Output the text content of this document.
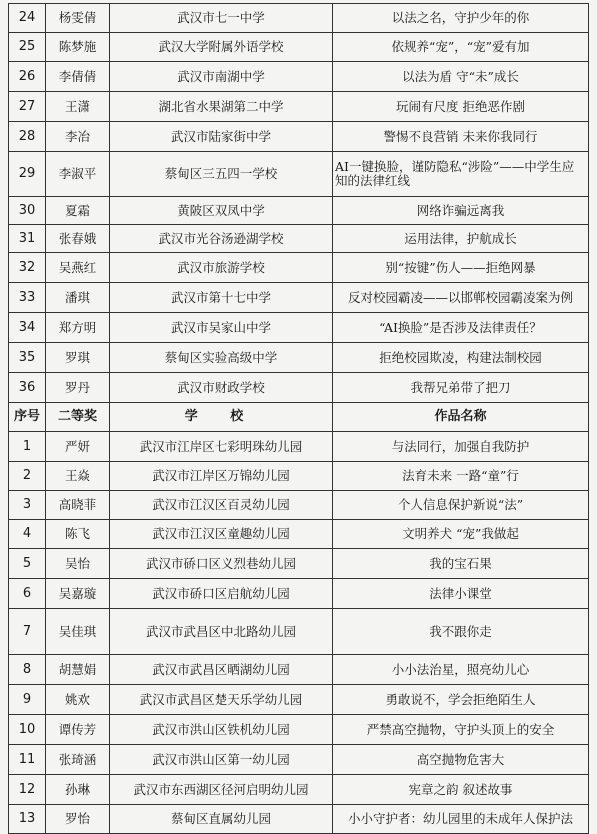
24	杨雯倩	武汉市七一中学	以法之名，守护少年的你
25	陈梦施	武汉大学附属外语学校	依规养“宠”，“宠”爱有加
26	李倩倩	武汉市南湖中学	以法为盾 守“未”成长
27	王潇	湖北省水果湖第二中学	玩闹有尺度 拒绝恶作剧
28	李冶	武汉市陆家街中学	警惕不良营销 未来你我同行
29	李淑平	蔡甸区三五四一学校	AI一键换脸，谨防隐私“涉险”——中学生应知的法律红线
30	夏霜	黄陂区双凤中学	网络诈骗远离我
31	张春娥	武汉市光谷汤逊湖学校	运用法律，护航成长
32	吴燕红	武汉市旅游学校	别“按键”伤人——拒绝网暴
33	潘琪	武汉市第十七中学	反对校园霸凌——以邯郸校园霸凌案为例
34	郑方明	武汉市吴家山中学	“AI换脸”是否涉及法律责任？
35	罗琪	蔡甸区实验高级中学	拒绝校园欺凌，构建法制校园
36	罗丹	武汉市财政学校	我帮兄弟带了把刀
序号	二等奖	学 校	作品名称
1	严妍	武汉市江岸区七彩明珠幼儿园	与法同行，加强自我防护
2	王焱	武汉市江岸区万锦幼儿园	法育未来 一路“童”行
3	高晓菲	武汉市江汉区百灵幼儿园	个人信息保护新说“法”
4	陈飞	武汉市江汉区童趣幼儿园	文明养犬 “宠”我做起
5	吴怡	武汉市硚口区义烈巷幼儿园	我的宝石果
6	吴嘉璇	武汉市硚口区启航幼儿园	法律小课堂
7	吴佳琪	武汉市武昌区中北路幼儿园	我不跟你走
8	胡慧娟	武汉市武昌区晒湖幼儿园	小小法治星，照亮幼儿心
9	姚欢	武汉市武昌区楚天乐学幼儿园	勇敢说不，学会拒绝陌生人
10	谭传芳	武汉市洪山区铁机幼儿园	严禁高空抛物，守护头顶上的安全
11	张琦涵	武汉市洪山区第一幼儿园	高空抛物危害大
12	孙琳	武汉市东西湖区径河启明幼儿园	宪章之韵 叙述故事
13	罗怡	蔡甸区直属幼儿园	小小守护者：幼儿园里的未成年人保护法
